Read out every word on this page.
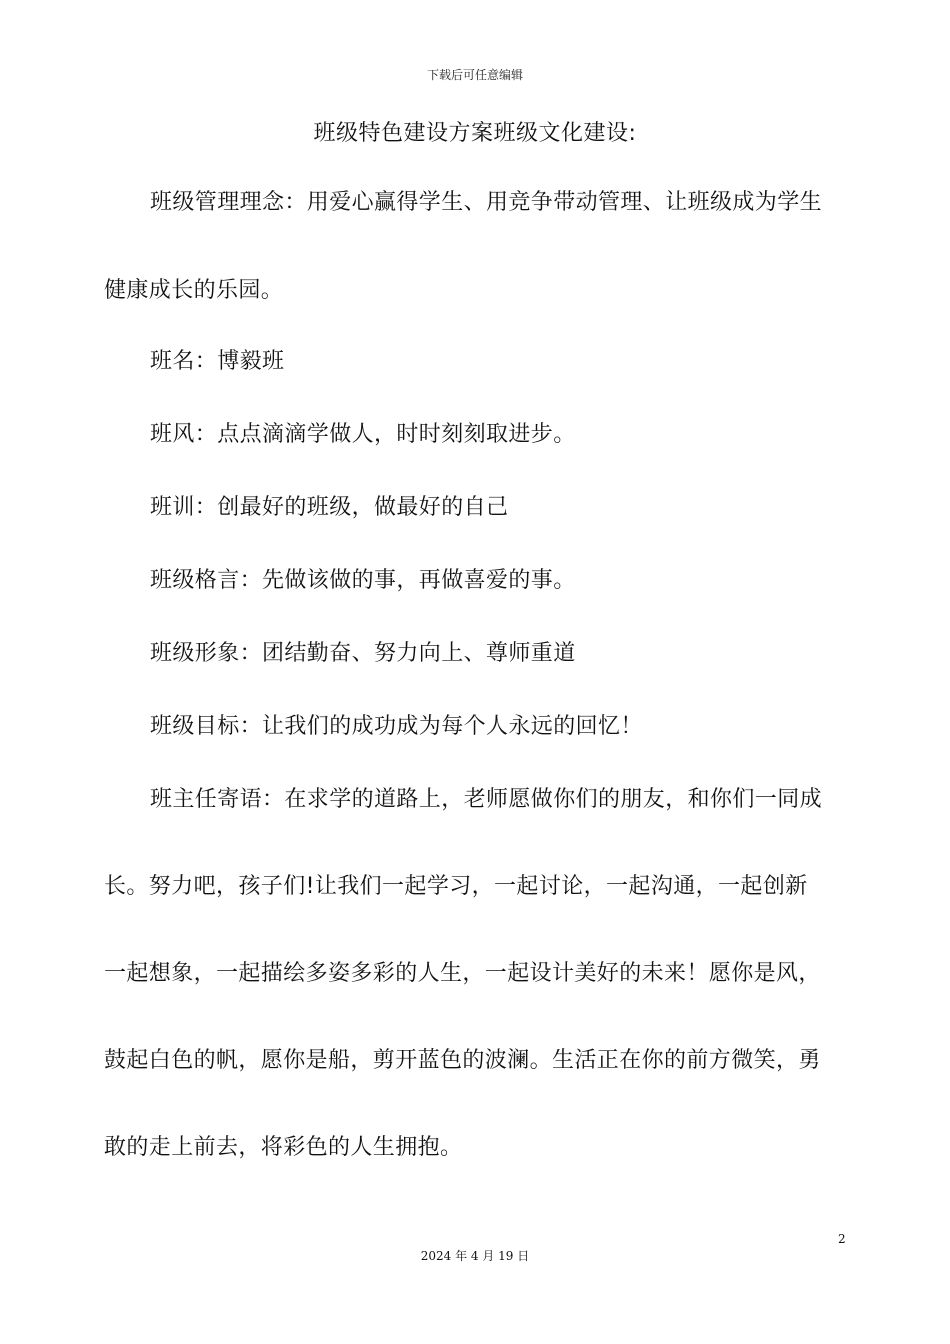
下载后可任意编辑
班级特色建设方案班级文化建设:
班级管理理念：用爱心赢得学生、用竞争带动管理、让班级成为学生
健康成长的乐园。
班名：博毅班
班风：点点滴滴学做人，时时刻刻取进步。
班训：创最好的班级，做最好的自己
班级格言：先做该做的事，再做喜爱的事。
班级形象：团结勤奋、努力向上、尊师重道
班级目标：让我们的成功成为每个人永远的回忆！
班主任寄语：在求学的道路上，老师愿做你们的朋友，和你们一同成
长。努力吧，孩子们!让我们一起学习，一起讨论，一起沟通，一起创新
一起想象，一起描绘多姿多彩的人生，一起设计美好的未来！愿你是风，
鼓起白色的帆，愿你是船，剪开蓝色的波澜。生活正在你的前方微笑，勇
敢的走上前去，将彩色的人生拥抱。
2
2024 年 4 月 19 日
